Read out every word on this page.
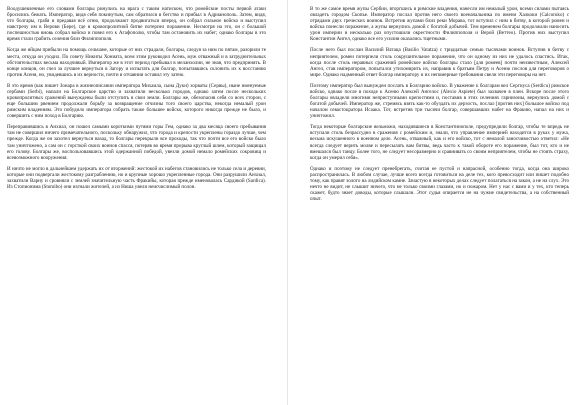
Воодушевленные его словами болгары ринулись на врага с таким натиском, что ромейские посты первой атаки бросились бежать. Император, видя себя покинутым, сам обратился в бегство и прибыл в Адрианополь. Затем, видя, что болгары, грабя и предавая всё огню, продолжают продвигаться вперед, он собрал сильное войско и выступил навстречу им в Верови (Бере), где в кровопролитной битве потерпел поражение. Несмотря на это, он с большой поспешностью вновь собрал войско и повел его к Агафополю, чтобы там остановить их набег; однако болгары в это время стали грабить селения близ Филиппополя.

Когда же яйцам прибыли на помощь сельчане, которые от них страдали, болгары, следуя за ним по пятам, разорили те места, откуда он уходил. По совету Никиты Хониата, всем этим руководил Асень, муж отважный и в затруднительных обстоятельствах весьма находчивый. Император же в этот период пребывал в меланхолии, не зная, что предпринять. В конце концов, он счел за лучшее вернуться в Загору и испытать для болгар, попытавшись склонить их к восстанию против Асеня, но, увидевшись в их верности, почти в отчаянии оставил эту затею.

В это время (как пишет Зонара в жизнеописании императора Михаила, сына Дуки) хорваты (Сервы), ныне именуемые сербами (Serbi), напали на Болгарское царство и захватили несколько городов, однако затем после нескольких кровопролитных сражений вынуждены были отступить в свои земли. Болгары же, обезопасив себя со всех сторон, с еще большим рвением продолжали борьбу за возвращение отчизны того своего царства, некогда немалый урон римским владениям. Это побудило императора собрать также большее войско, которого никогда прежде не было, и совершить с ним поход в Болгарию.

Переправившись в Анхиал, он пошел самыми короткими путями горы Гем, однако за два месяца своего пребывания там не совершил ничего примечательного, поскольку обнаружил, что города и крепости укреплены гораздо лучше, чем прежде. Когда же он захотел вернуться назад, то болгары перекрыли все проходы, так что почти все его войско было там уничтожено, а сам он с горсткой своих воинов спасся, потеряв во время прорыва круглый шлем, который защищал его голову. Болгары же, воспользовавшись этой одержанной победой, увезли домой немало ромейских сокровищ и всевозможного вооружения.

И ничто не могло в дальнейшем удержать их от вторжений: жестокой их набегов становились не только села и деревни, которые они подвергали жестокому разграблению, но и крупные хорошо укрепленные города. Они разрушили Анхиал, захватили Варну и сровняли с землей значительную часть Фракийы, которая прежде именовалась Сардикой (Sardica). Из Стопионима (Stumibo) они изгнали жителей, а из Ниша увели неисчислимый полон.

В то же самое время жупы Сербии, вторгшись в римские владения, нанесли им немалый урон, всеми силами пытаясь овладеть городом Скопье. Император послал против него своего военачальника по имени Халкоки (Calcoruko) с отрядами двух греческих воинов. Встретив жупами близ реки Морава, тот вступил с ним в битву, в которой ромеи и войска понесли поражение, а жупы вернулись домой с богатой добычей. Тем временем болгары продолжали наносить урон империи и несколько раз опустошили окрестности Филиппополя и Верой (Веттео). Против них выступил Константин Ангел, однако все его усилия оказались тщетными.

После него был послан Василий Ватаца (Basilio Vatatza) с тридцатью семью тысячами воинов. Вступив в битву с неприятелем, ромеи потерпели столь сокрушительное поражение, что он одному из них не удалось спастись. Итак, когда после столь неравных сражений ромейское войско болгары стало [для ромеев] почти неизвестным, Алексей Ангел, став императором, попытался утихомирить их, направив к братьям Петру и Асеню послов для переговоров о мире. Однако надменный ответ болгар императору и их непомерные требования свели эти переговоры на нет.

Поэтому император был вынужден послать в Болгарию войско. В уважение к болгарам вел Сергиуса (Serdicu) римское войско, однако после в походе к Асеню Алексей Ангелос (Alexio Aspiete) был захвачен в плен. Вскоре после этого болгары овладели многими неприступными крепостями и, поставив в этих селениях гарнизоны, вернулись домой с богатой добычей. Император же, стремясь взять как-то обуздать их дерзость, послал [против них] большое войско под началом севастократора Исаака. Тот, встретив три тысячи болгар, совершавших набег на Фракию, напал на них и уничтожил.

Тогда некоторые болгарские вельможи, находившиеся в Константинополе, предупредили болгар, чтобы те впредь не вступали столь безрассудно в сражения с ромейским и, знали, что управление империей находится в руках у мужа, весьма искушенного в военном деле. Асень, отважный, как и его войско, тот с немалой заносчивостью ответил: «Не всегда следует верить молве и пересылать вам битвы, ведь часто к такой обороте его поражение, был тот, кто и не вмешался был танцу. Более того, не следует несоразмерно и сравнивать со своим неприятелем, чтобы не стоять страху, когда он умерил себя».

Однако и поэтому не следует пренебрегать, считая ее пустой и напрасной, особенно тогда, когда она широко распространилась. В любом случае, лучше всего всегда готовиться на деле тех, кого превосходит или пишет подобно тому, как правят золото на лидийском камне. Зачастую в некоторых делах следует полагаться на закон, а не на слух. Это нечто не видит, не слышит ничего, что не только своими глазами, но и пожаром. Нет у нас с вами и у тех, кто теперь скажет, будто знает доводы, которые слышали. Этот судья опирается не на чужие свидетельства, а на собственный опыт.
